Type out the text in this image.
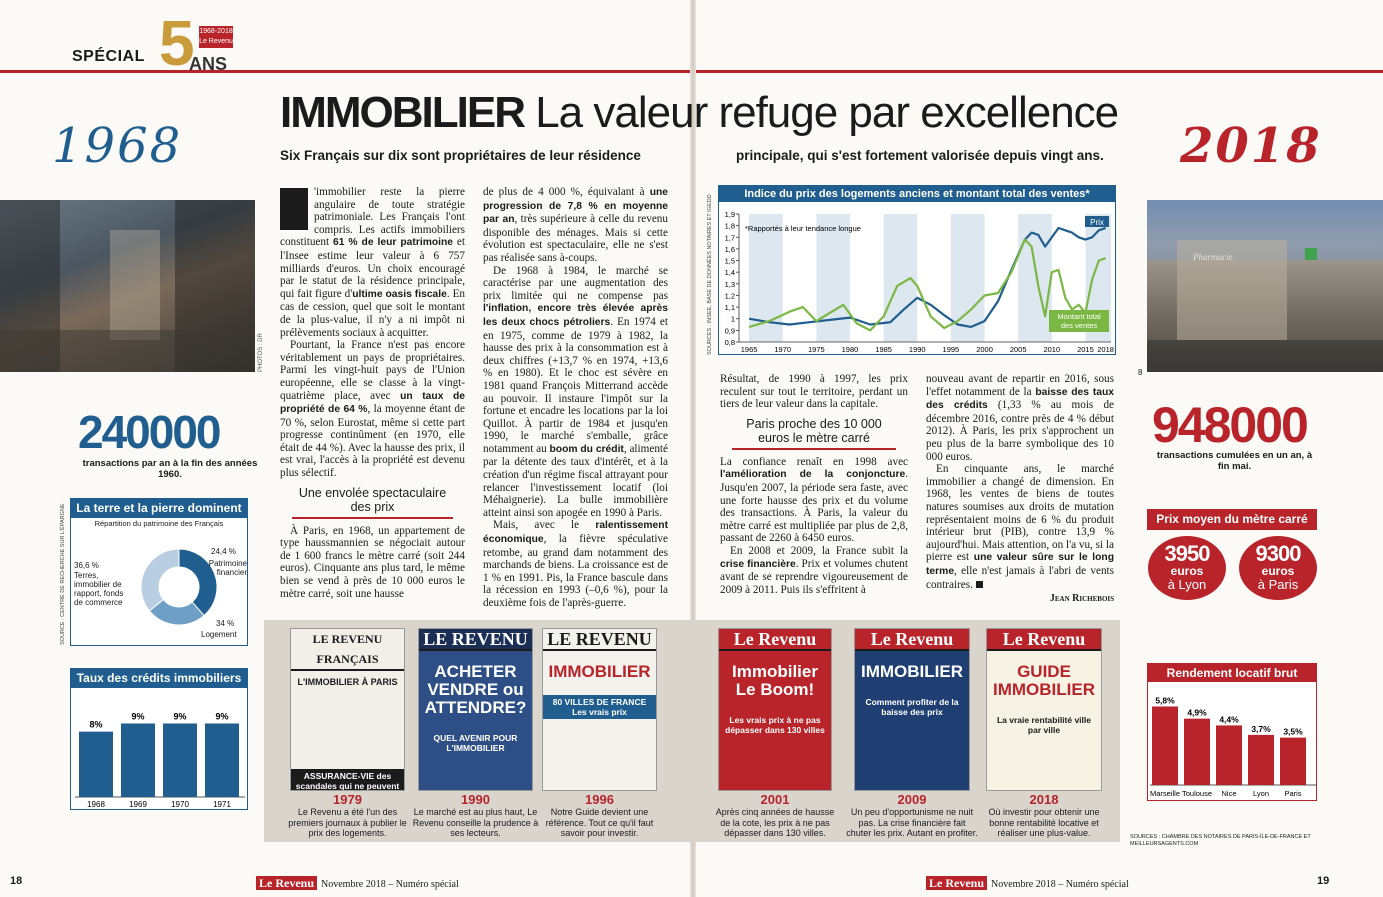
SPÉCIAL 5 1968-2018
Le Revenu
ANS
IMMOBILIER La valeur refuge par excellence
Six Français sur dix sont propriétaires de leur résidence	principale, qui s'est fortement valorisée depuis vingt ans.
1968	2018
PHOTOS : DR
Pharmacie
8
240000
transactions par an à la fin des années 1960.
948000
transactions cumulées en un an, à fin mai.
La terre et la pierre dominent
Répartition du patrimoine des Français
36,6 %
Terres, immobilier de rapport, fonds de commerce
24,4 %
Patrimoine financier
34 %
Logement
SOURCE : CENTRE DE RECHERCHE SUR L'ÉPARGNE
Taux des crédits immobiliers
8%
1968
9%
1969
9%
1970
9%
1971

'immobilier reste la pierre angulaire de toute stratégie patrimoniale. Les Français l'ont compris. Les actifs immobiliers constituent 61 % de leur patrimoine et l'Insee estime leur valeur à 6 757 milliards d'euros. Un choix encouragé par le statut de la résidence principale, qui fait figure d'ultime oasis fiscale. En cas de cession, quel que soit le montant de la plus-value, il n'y a ni impôt ni prélèvements sociaux à acquitter.

Pourtant, la France n'est pas encore véritablement un pays de propriétaires. Parmi les vingt-huit pays de l'Union européenne, elle se classe à la vingt-quatrième place, avec un taux de propriété de 64 %, la moyenne étant de 70 %, selon Eurostat, même si cette part progresse continûment (en 1970, elle était de 44 %). Avec la hausse des prix, il est vrai, l'accès à la propriété est devenu plus sélectif.

Une envolée spectaculaire des prix

À Paris, en 1968, un appartement de type haussmannien se négociait autour de 1 600 francs le mètre carré (soit 244 euros). Cinquante ans plus tard, le même bien se vend à près de 10 000 euros le mètre carré, soit une hausse

de plus de 4 000 %, équivalant à une progression de 7,8 % en moyenne par an, très supérieure à celle du revenu disponible des ménages. Mais si cette évolution est spectaculaire, elle ne s'est pas réalisée sans à-coups.

De 1968 à 1984, le marché se caractérise par une augmentation des prix limitée qui ne compense pas l'inflation, encore très élevée après les deux chocs pétroliers. En 1974 et en 1975, comme de 1979 à 1982, la hausse des prix à la consommation est à deux chiffres (+13,7 % en 1974, +13,6 % en 1980). Et le choc est sévère en 1981 quand François Mitterrand accède au pouvoir. Il instaure l'impôt sur la fortune et encadre les locations par la loi Quillot. À partir de 1984 et jusqu'en 1990, le marché s'emballe, grâce notamment au boom du crédit, alimenté par la détente des taux d'intérêt, et à la création d'un régime fiscal attrayant pour relancer l'investissement locatif (loi Méhaignerie). La bulle immobilière atteint ainsi son apogée en 1990 à Paris.

Mais, avec le ralentissement économique, la fièvre spéculative retombe, au grand dam notamment des marchands de biens. La croissance est de 1 % en 1991. Pis, la France bascule dans la récession en 1993 (–0,6 %), pour la deuxième fois de l'après-guerre.

Résultat, de 1990 à 1997, les prix reculent sur tout le territoire, perdant un tiers de leur valeur dans la capitale.

Paris proche des 10 000 euros le mètre carré

La confiance renaît en 1998 avec l'amélioration de la conjoncture. Jusqu'en 2007, la période sera faste, avec une forte hausse des prix et du volume des transactions. À Paris, la valeur du mètre carré est multipliée par plus de 2,8, passant de 2260 à 6450 euros.

En 2008 et 2009, la France subit la crise financière. Prix et volumes chutent avant de se reprendre vigoureusement de 2009 à 2011. Puis ils s'effritent à

nouveau avant de repartir en 2016, sous l'effet notamment de la baisse des taux des crédits (1,33 % au mois de décembre 2016, contre près de 4 % début 2012). À Paris, les prix s'approchent un peu plus de la barre symbolique des 10 000 euros.

En cinquante ans, le marché immobilier a changé de dimension. En 1968, les ventes de biens de toutes natures soumises aux droits de mutation représentaient moins de 6 % du produit intérieur brut (PIB), contre 13,9 % aujourd'hui. Mais attention, on l'a vu, si la pierre est une valeur sûre sur le long terme, elle n'est jamais à l'abri de vents contraires.

Jean Richebois
Indice du prix des logements anciens et montant total des ventes*
1,9
1,8
1,7
1,6
1,5
1,4
1,3
1,2
1,1
1
0,9
0,8
1965 1970 1975 1980 1985 1990 1995 2000 2005 2010 2015 2018
*Rapportés à leur tendance longue
Prix
Montant total des ventes
SOURCES : INSEE, BASE DE DONNÉES NOTAIRES ET IGEDD
LE REVENU FRANÇAIS
L'IMMOBILIER À PARIS
ASSURANCE-VIE des scandales qui ne peuvent
1979
Le Revenu a été l'un des premiers journaux à publier le prix des logements.
LE REVENU
ACHETER VENDRE ou ATTENDRE?
QUEL AVENIR POUR L'IMMOBILIER
1990
Le marché est au plus haut, Le Revenu conseille la prudence à ses lecteurs.
LE REVENU
IMMOBILIER
80 VILLES DE FRANCE Les vrais prix
1996
Notre Guide devient une référence. Tout ce qu'il faut savoir pour investir.
Le Revenu
Immobilier Le Boom!
Les vrais prix à ne pas dépasser dans 130 villes
2001
Après cinq années de hausse de la cote, les prix à ne pas dépasser dans 130 villes.
Le Revenu
IMMOBILIER
Comment profiter de la baisse des prix
2009
Un peu d'opportunisme ne nuit pas. La crise financière fait chuter les prix. Autant en profiter.
Le Revenu
GUIDE IMMOBILIER
La vraie rentabilité ville par ville
2018
Où investir pour obtenir une bonne rentabilité locative et réaliser une plus-value.
Prix moyen du mètre carré
3950
euros
à Lyon
9300
euros
à Paris
Rendement locatif brut
5,8%
Marseille
4,9%
Toulouse
4,4%
Nice
3,7%
Lyon
3,5%
Paris
SOURCES : CHAMBRE DES NOTAIRES DE PARIS-ÎLE-DE-FRANCE ET MEILLEURSAGENTS.COM
18	Le Revenu Novembre 2018 – Numéro spécial	Le Revenu Novembre 2018 – Numéro spécial	19
